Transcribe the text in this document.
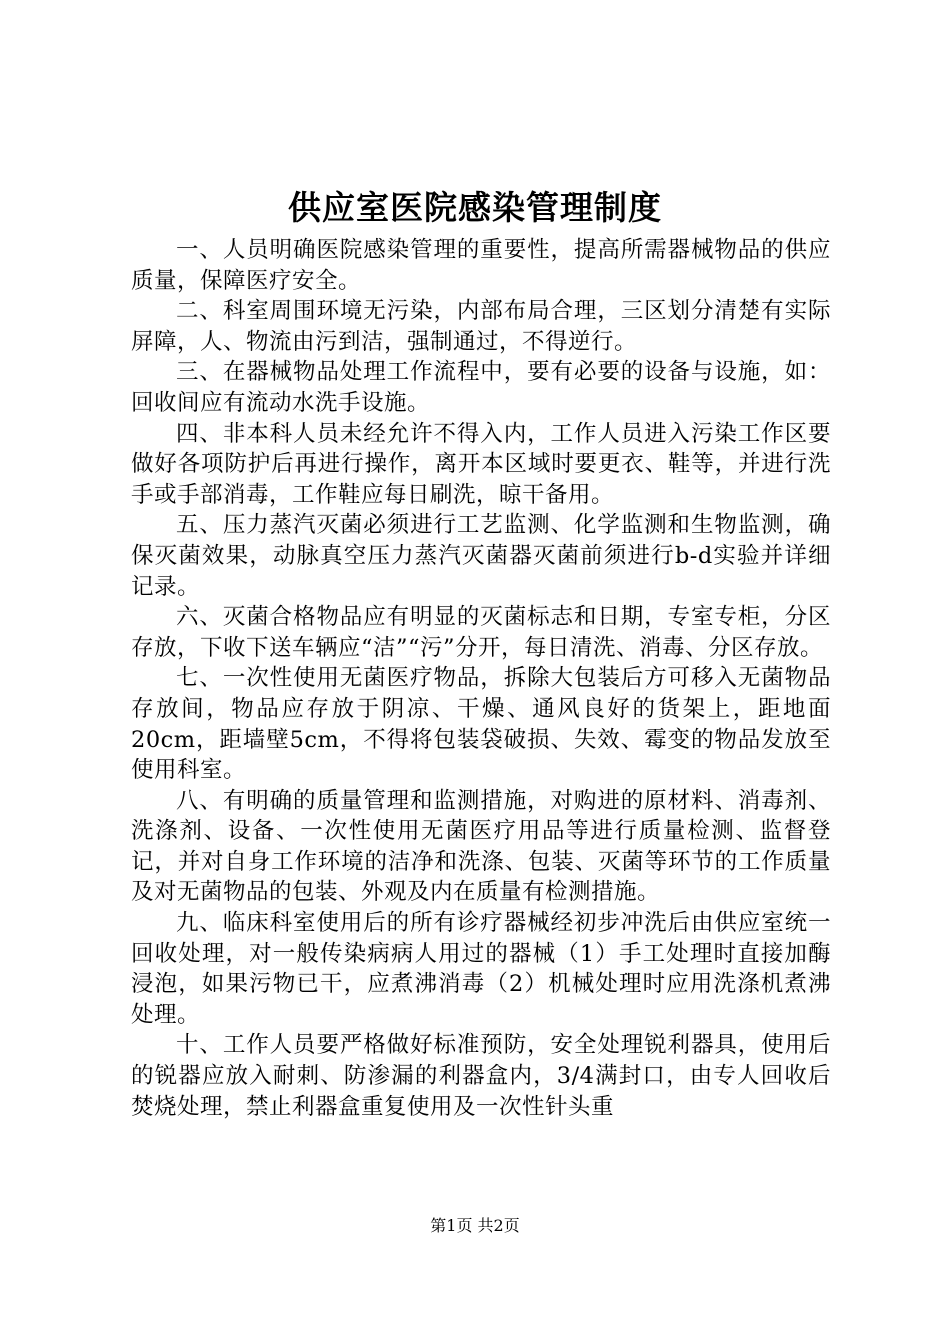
供应室医院感染管理制度

一、人员明确医院感染管理的重要性，提高所需器械物品的供应质量，保障医疗安全。

二、科室周围环境无污染，内部布局合理，三区划分清楚有实际屏障，人、物流由污到洁，强制通过，不得逆行。

三、在器械物品处理工作流程中，要有必要的设备与设施，如：回收间应有流动水洗手设施。

四、非本科人员未经允许不得入内，工作人员进入污染工作区要做好各项防护后再进行操作，离开本区域时要更衣、鞋等，并进行洗手或手部消毒，工作鞋应每日刷洗，晾干备用。

五、压力蒸汽灭菌必须进行工艺监测、化学监测和生物监测，确保灭菌效果，动脉真空压力蒸汽灭菌器灭菌前须进行b-d实验并详细记录。

六、灭菌合格物品应有明显的灭菌标志和日期，专室专柜，分区存放，下收下送车辆应“洁”“污”分开，每日清洗、消毒、分区存放。

七、一次性使用无菌医疗物品，拆除大包装后方可移入无菌物品存放间，物品应存放于阴凉、干燥、通风良好的货架上，距地面20cm，距墙壁5cm，不得将包装袋破损、失效、霉变的物品发放至使用科室。

八、有明确的质量管理和监测措施，对购进的原材料、消毒剂、洗涤剂、设备、一次性使用无菌医疗用品等进行质量检测、监督登记，并对自身工作环境的洁净和洗涤、包装、灭菌等环节的工作质量及对无菌物品的包装、外观及内在质量有检测措施。

九、临床科室使用后的所有诊疗器械经初步冲洗后由供应室统一回收处理，对一般传染病病人用过的器械（1）手工处理时直接加酶浸泡，如果污物已干，应煮沸消毒（2）机械处理时应用洗涤机煮沸处理。

十、工作人员要严格做好标准预防，安全处理锐利器具，使用后的锐器应放入耐刺、防渗漏的利器盒内，3/4满封口，由专人回收后焚烧处理，禁止利器盒重复使用及一次性针头重

第1页 共2页
